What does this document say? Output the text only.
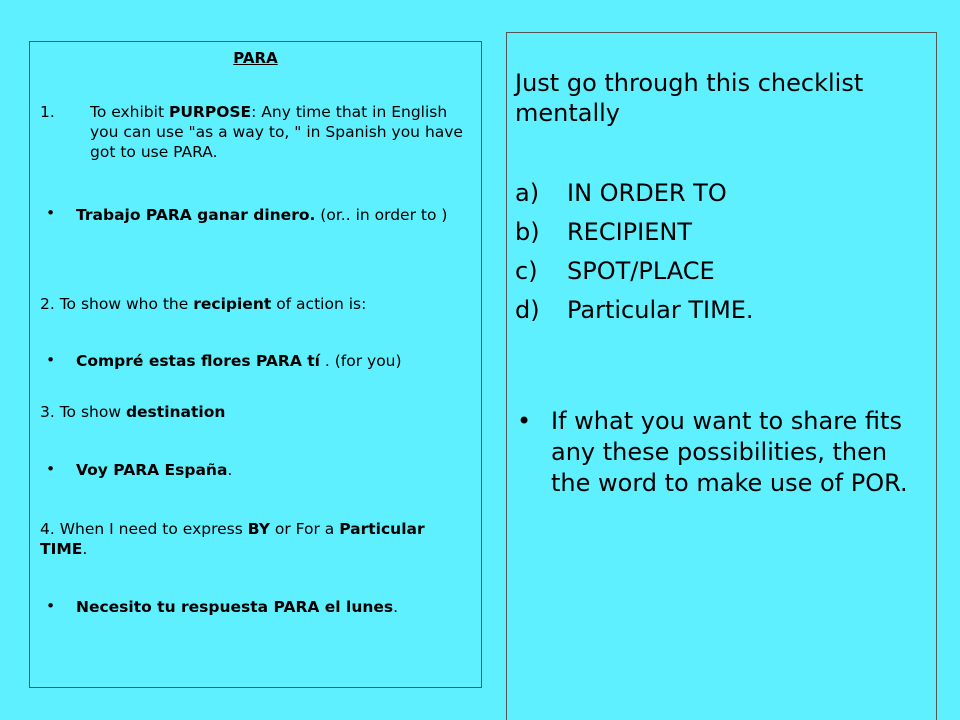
PARA
1. To exhibit PURPOSE: Any time that in English you can use "as a way to, " in Spanish you have got to use PARA.
• Trabajo PARA ganar dinero. (or.. in order to )
2. To show who the recipient of action is:
• Compré estas flores PARA tí . (for you)
3. To show destination
• Voy PARA España.
4. When I need to express BY or For a Particular TIME.
• Necesito tu respuesta PARA el lunes.
Just go through this checklist mentally
a) IN ORDER TO
b) RECIPIENT
c) SPOT/PLACE
d) Particular TIME.
• If what you want to share fits any these possibilities, then the word to make use of POR.
